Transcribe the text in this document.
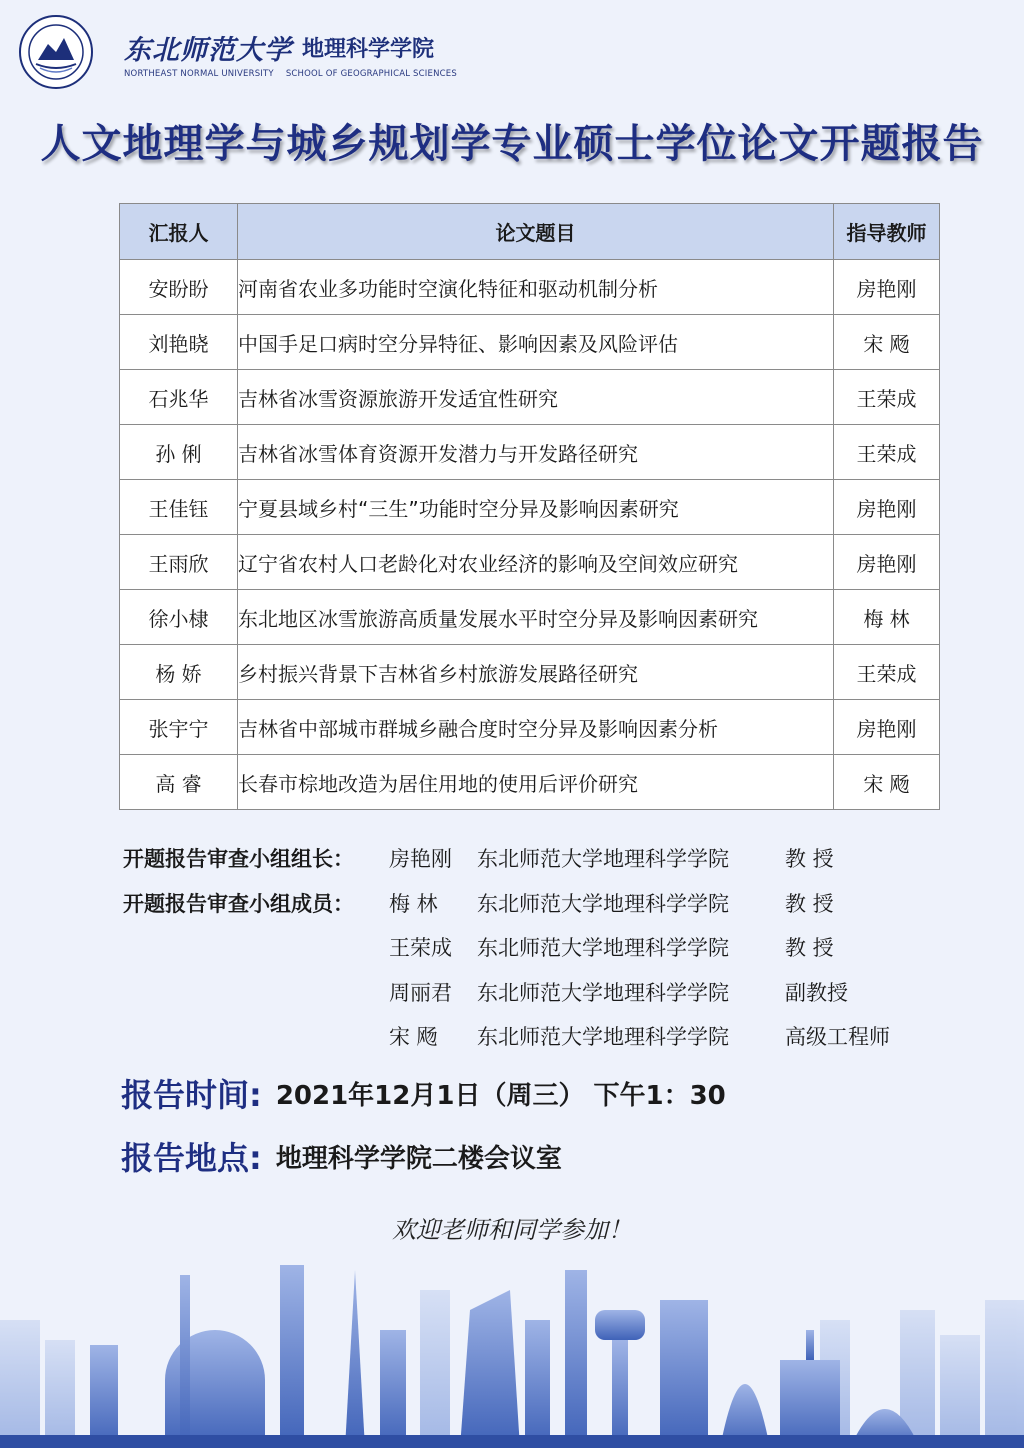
东北师范大学 地理科学学院
NORTHEAST NORMAL UNIVERSITY SCHOOL OF GEOGRAPHICAL SCIENCES
人文地理学与城乡规划学专业硕士学位论文开题报告
汇报人	论文题目	指导教师
安盼盼	河南省农业多功能时空演化特征和驱动机制分析	房艳刚
刘艳晓	中国手足口病时空分异特征、影响因素及风险评估	宋 飏
石兆华	吉林省冰雪资源旅游开发适宜性研究	王荣成
孙 俐	吉林省冰雪体育资源开发潜力与开发路径研究	王荣成
王佳钰	宁夏县域乡村“三生”功能时空分异及影响因素研究	房艳刚
王雨欣	辽宁省农村人口老龄化对农业经济的影响及空间效应研究	房艳刚
徐小棣	东北地区冰雪旅游高质量发展水平时空分异及影响因素研究	梅 林
杨 娇	乡村振兴背景下吉林省乡村旅游发展路径研究	王荣成
张宇宁	吉林省中部城市群城乡融合度时空分异及影响因素分析	房艳刚
高 睿	长春市棕地改造为居住用地的使用后评价研究	宋 飏
开题报告审查小组组长：	房艳刚	东北师范大学地理科学学院	教 授
开题报告审查小组成员：	梅 林	东北师范大学地理科学学院	教 授
王荣成	东北师范大学地理科学学院	教 授
周丽君	东北师范大学地理科学学院	副教授
宋 飏	东北师范大学地理科学学院	高级工程师
报告时间: 2021年12月1日（周三） 下午1：30
报告地点: 地理科学学院二楼会议室
欢迎老师和同学参加！
